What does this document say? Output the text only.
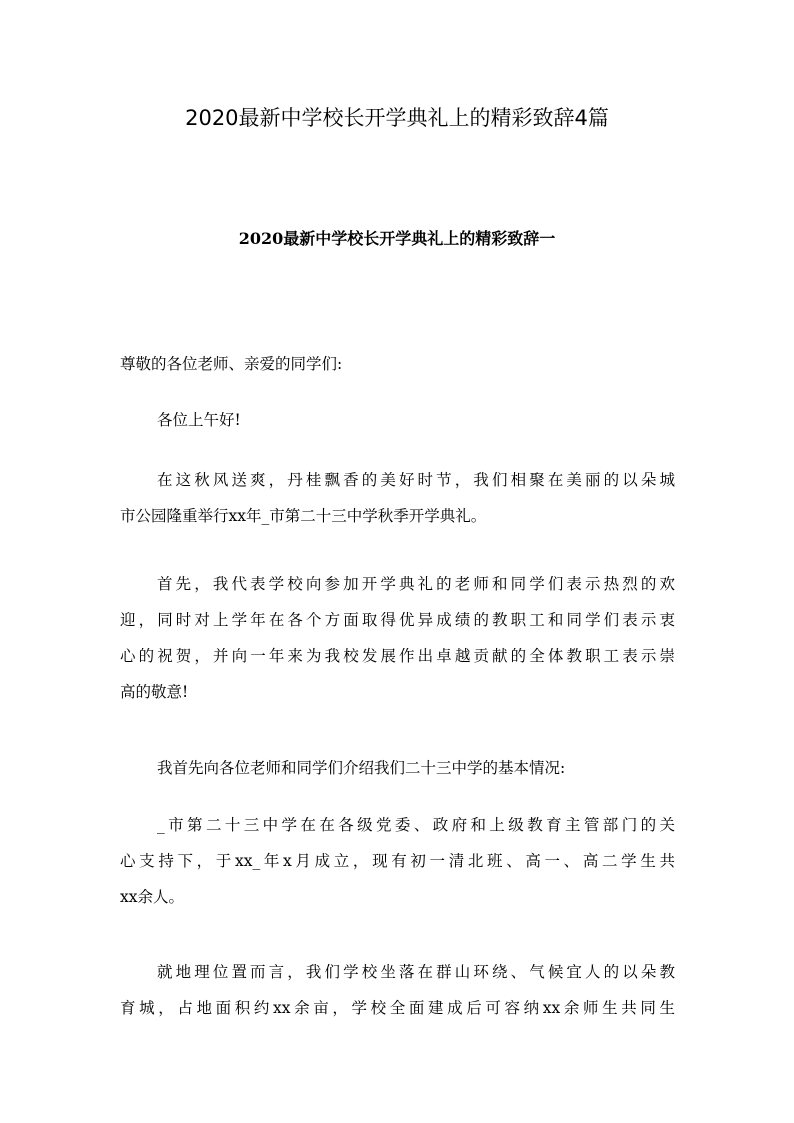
2020最新中学校长开学典礼上的精彩致辞4篇
2020最新中学校长开学典礼上的精彩致辞一
尊敬的各位老师、亲爱的同学们:
各位上午好!
在这秋风送爽，丹桂飘香的美好时节，我们相聚在美丽的以朵城
市公园隆重举行xx年_市第二十三中学秋季开学典礼。
首先，我代表学校向参加开学典礼的老师和同学们表示热烈的欢
迎，同时对上学年在各个方面取得优异成绩的教职工和同学们表示衷
心的祝贺，并向一年来为我校发展作出卓越贡献的全体教职工表示崇
高的敬意!
我首先向各位老师和同学们介绍我们二十三中学的基本情况:
_市第二十三中学在在各级党委、政府和上级教育主管部门的关
心支持下，于xx_年x月成立，现有初一清北班、高一、高二学生共
xx余人。
就地理位置而言，我们学校坐落在群山环绕、气候宜人的以朵教
育城，占地面积约xx余亩，学校全面建成后可容纳xx余师生共同生
